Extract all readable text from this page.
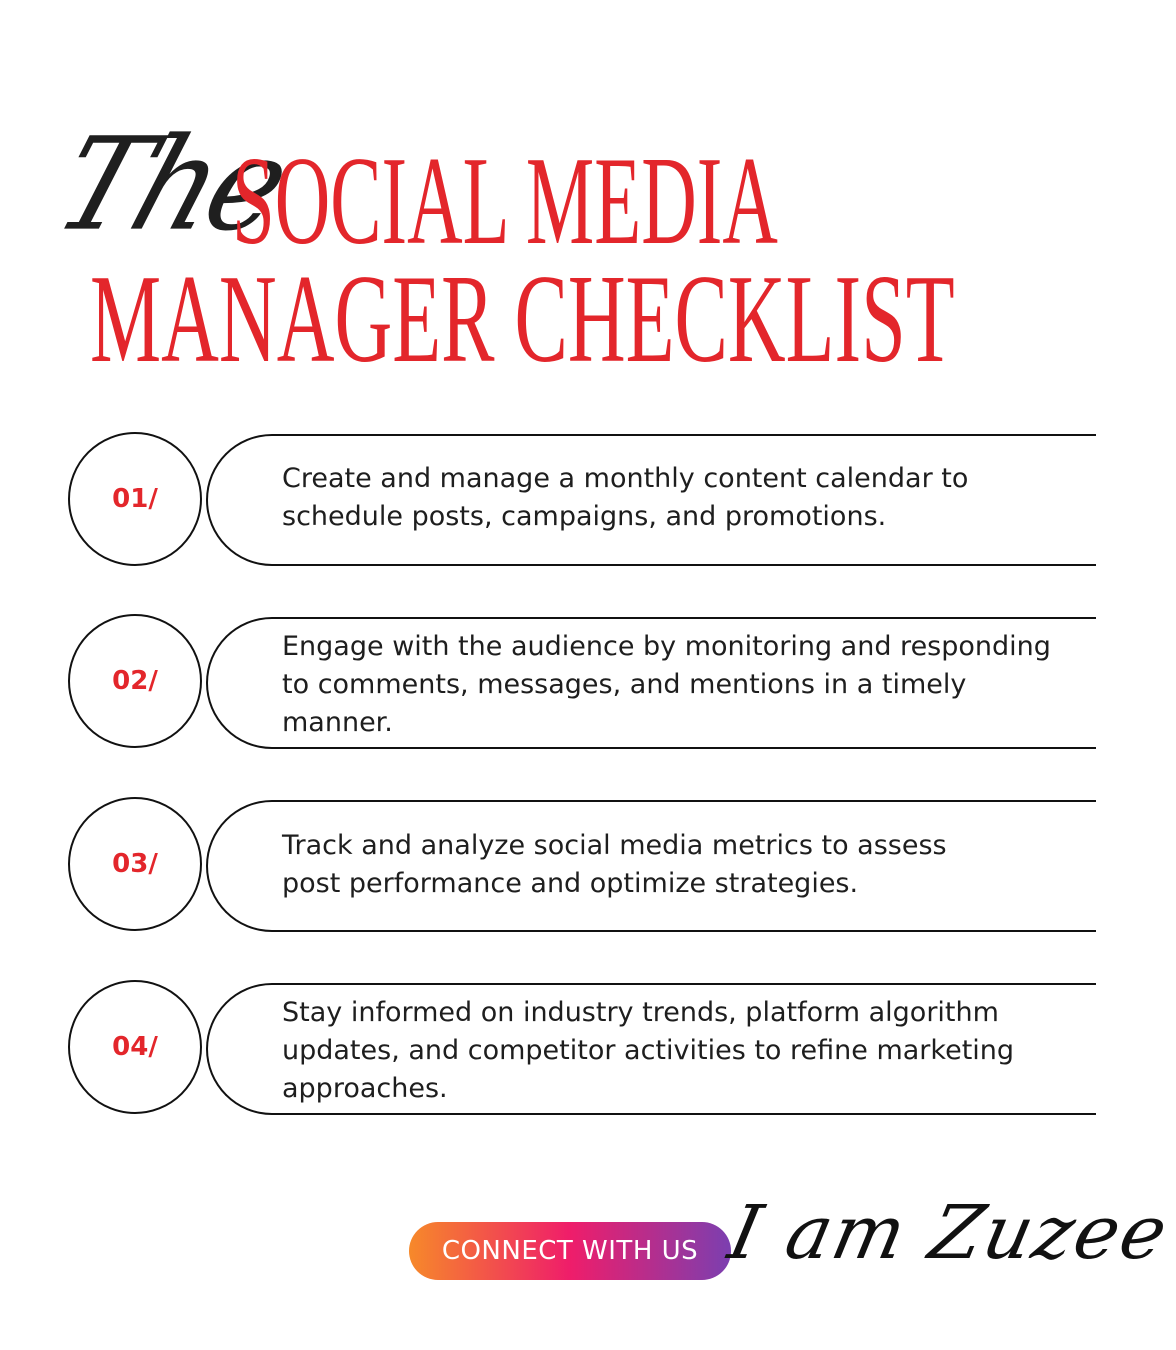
The
SOCIAL MEDIA
MANAGER CHECKLIST
01/
Create and manage a monthly content calendar to schedule posts, campaigns, and promotions.
02/
Engage with the audience by monitoring and responding to comments, messages, and mentions in a timely manner.
03/
Track and analyze social media metrics to assess post performance and optimize strategies.
04/
Stay informed on industry trends, platform algorithm updates, and competitor activities to refine marketing approaches.
CONNECT WITH US I am Zuzee
